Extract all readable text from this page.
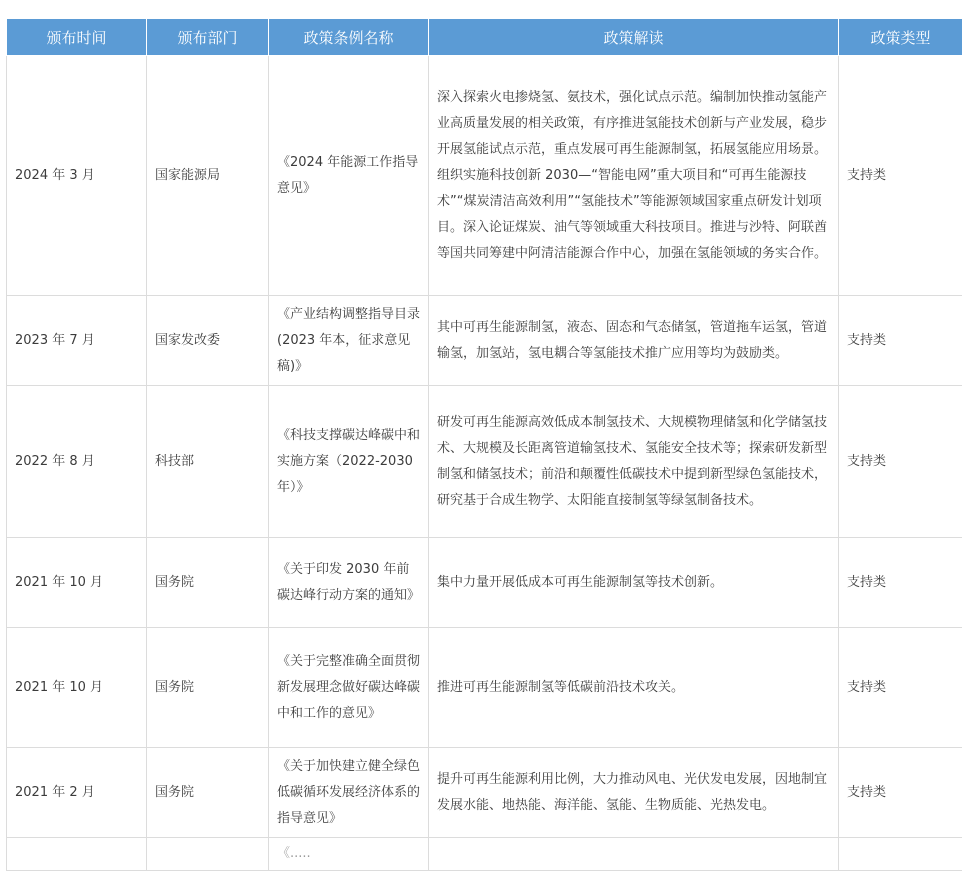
颁布时间	颁布部门	政策条例名称	政策解读	政策类型
2024 年 3 月	国家能源局	《2024 年能源工作指导意见》	深入探索火电掺烧氢、氨技术，强化试点示范。编制加快推动氢能产业高质量发展的相关政策，有序推进氢能技术创新与产业发展，稳步开展氢能试点示范，重点发展可再生能源制氢，拓展氢能应用场景。组织实施科技创新 2030—“智能电网”重大项目和“可再生能源技术”“煤炭清洁高效利用”“氢能技术”等能源领域国家重点研发计划项目。深入论证煤炭、油气等领域重大科技项目。推进与沙特、阿联酋等国共同筹建中阿清洁能源合作中心，加强在氢能领域的务实合作。	支持类
2023 年 7 月	国家发改委	《产业结构调整指导目录(2023 年本，征求意见稿)》	其中可再生能源制氢，液态、固态和气态储氢，管道拖车运氢，管道输氢，加氢站，氢电耦合等氢能技术推广应用等均为鼓励类。	支持类
2022 年 8 月	科技部	《科技支撑碳达峰碳中和实施方案（2022-2030 年）》	研发可再生能源高效低成本制氢技术、大规模物理储氢和化学储氢技术、大规模及长距离管道输氢技术、氢能安全技术等；探索研发新型制氢和储氢技术；前沿和颠覆性低碳技术中提到新型绿色氢能技术，研究基于合成生物学、太阳能直接制氢等绿氢制备技术。	支持类
2021 年 10 月	国务院	《关于印发 2030 年前碳达峰行动方案的通知》	集中力量开展低成本可再生能源制氢等技术创新。	支持类
2021 年 10 月	国务院	《关于完整准确全面贯彻新发展理念做好碳达峰碳中和工作的意见》	推进可再生能源制氢等低碳前沿技术攻关。	支持类
2021 年 2 月	国务院	《关于加快建立健全绿色低碳循环发展经济体系的指导意见》	提升可再生能源利用比例，大力推动风电、光伏发电发展，因地制宜发展水能、地热能、海洋能、氢能、生物质能、光热发电。	支持类
		《.....		
